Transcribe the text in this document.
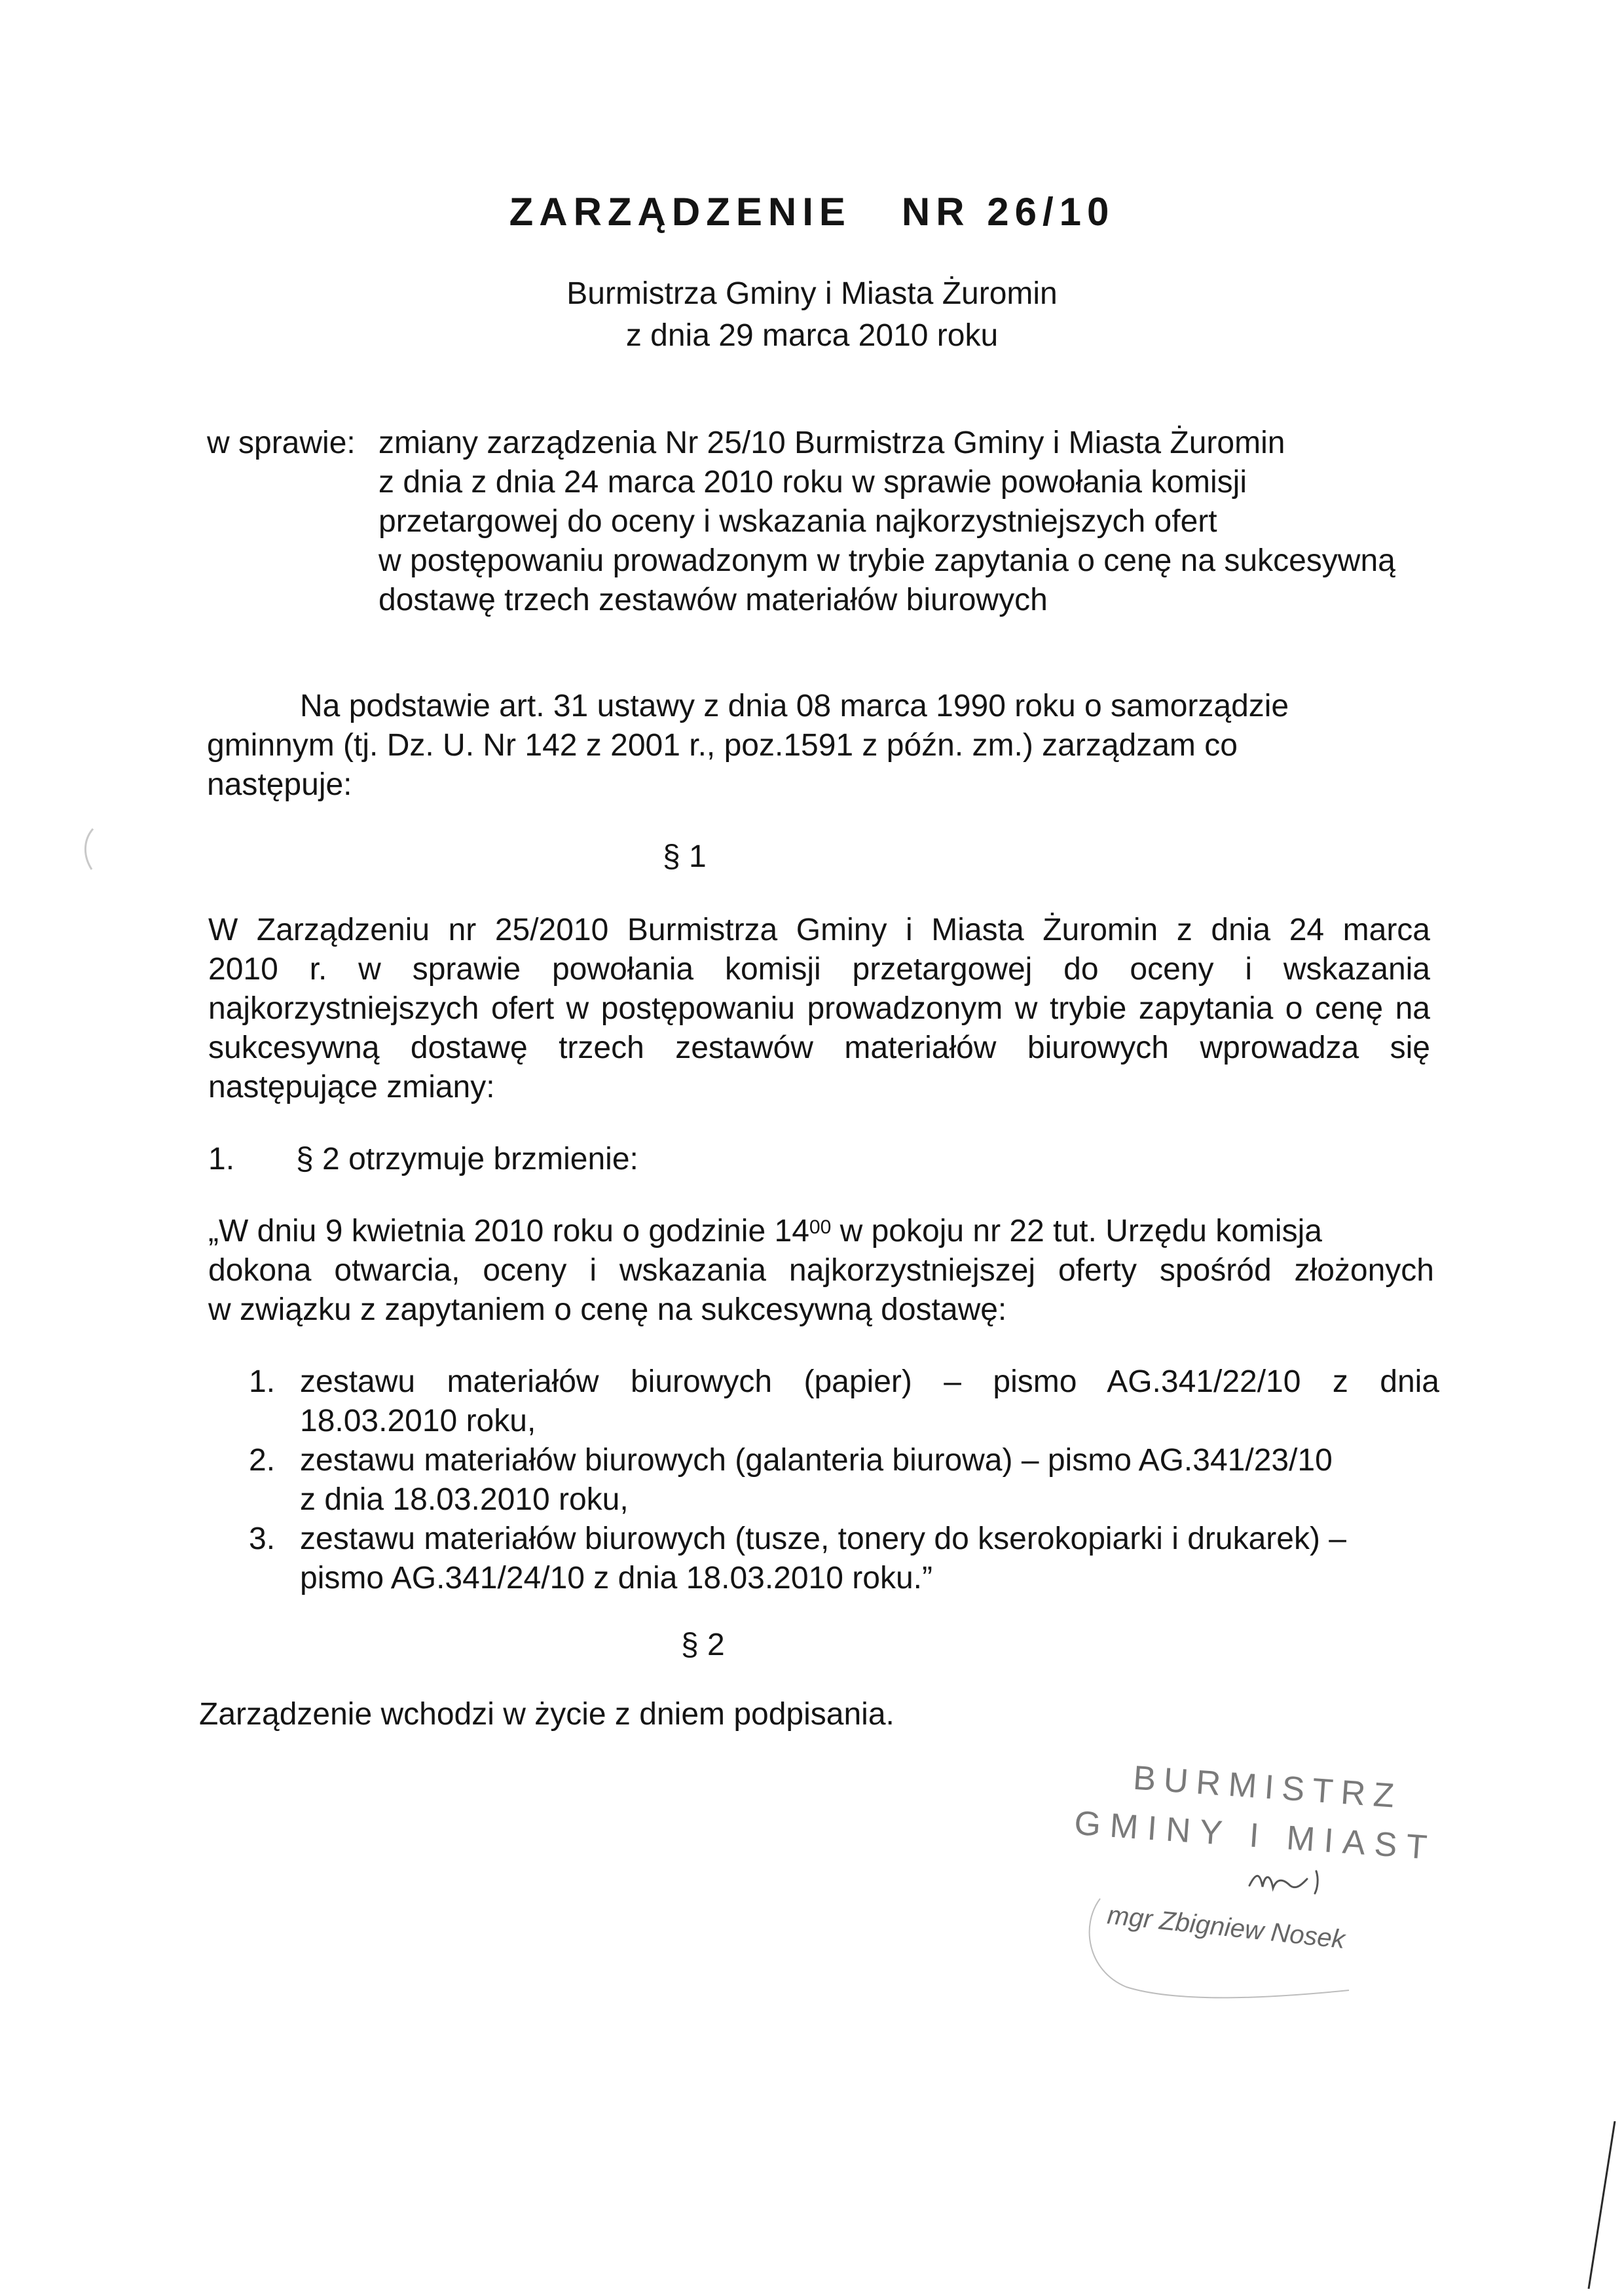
ZARZĄDZENIE NR 26/10
Burmistrza Gminy i Miasta Żuromin
z dnia 29 marca 2010 roku
w sprawie: zmiany zarządzenia Nr 25/10 Burmistrza Gminy i Miasta Żuromin
z dnia z dnia 24 marca 2010 roku w sprawie powołania komisji
przetargowej do oceny i wskazania najkorzystniejszych ofert
w postępowaniu prowadzonym w trybie zapytania o cenę na sukcesywną
dostawę trzech zestawów materiałów biurowych
Na podstawie art. 31 ustawy z dnia 08 marca 1990 roku o samorządzie
gminnym (tj. Dz. U. Nr 142 z 2001 r., poz.1591 z późn. zm.) zarządzam co
następuje:
§ 1
W Zarządzeniu nr 25/2010 Burmistrza Gminy i Miasta Żuromin z dnia 24 marca
2010 r. w sprawie powołania komisji przetargowej do oceny i wskazania
najkorzystniejszych ofert w postępowaniu prowadzonym w trybie zapytania o cenę na
sukcesywną dostawę trzech zestawów materiałów biurowych wprowadza się
następujące zmiany:
1. § 2 otrzymuje brzmienie:
„W dniu 9 kwietnia 2010 roku o godzinie $14^{00}$ w pokoju nr 22 tut. Urzędu komisja
dokona otwarcia, oceny i wskazania najkorzystniejszej oferty spośród złożonych
w związku z zapytaniem o cenę na sukcesywną dostawę:
1. zestawu materiałów biurowych (papier) – pismo AG.341/22/10 z dnia
18.03.2010 roku,
2. zestawu materiałów biurowych (galanteria biurowa) – pismo AG.341/23/10
z dnia 18.03.2010 roku,
3. zestawu materiałów biurowych (tusze, tonery do kserokopiarki i drukarek) –
pismo AG.341/24/10 z dnia 18.03.2010 roku.”
§ 2
Zarządzenie wchodzi w życie z dniem podpisania.
BURMISTRZ
GMINY I MIAST
mgr Zbigniew Nosek
